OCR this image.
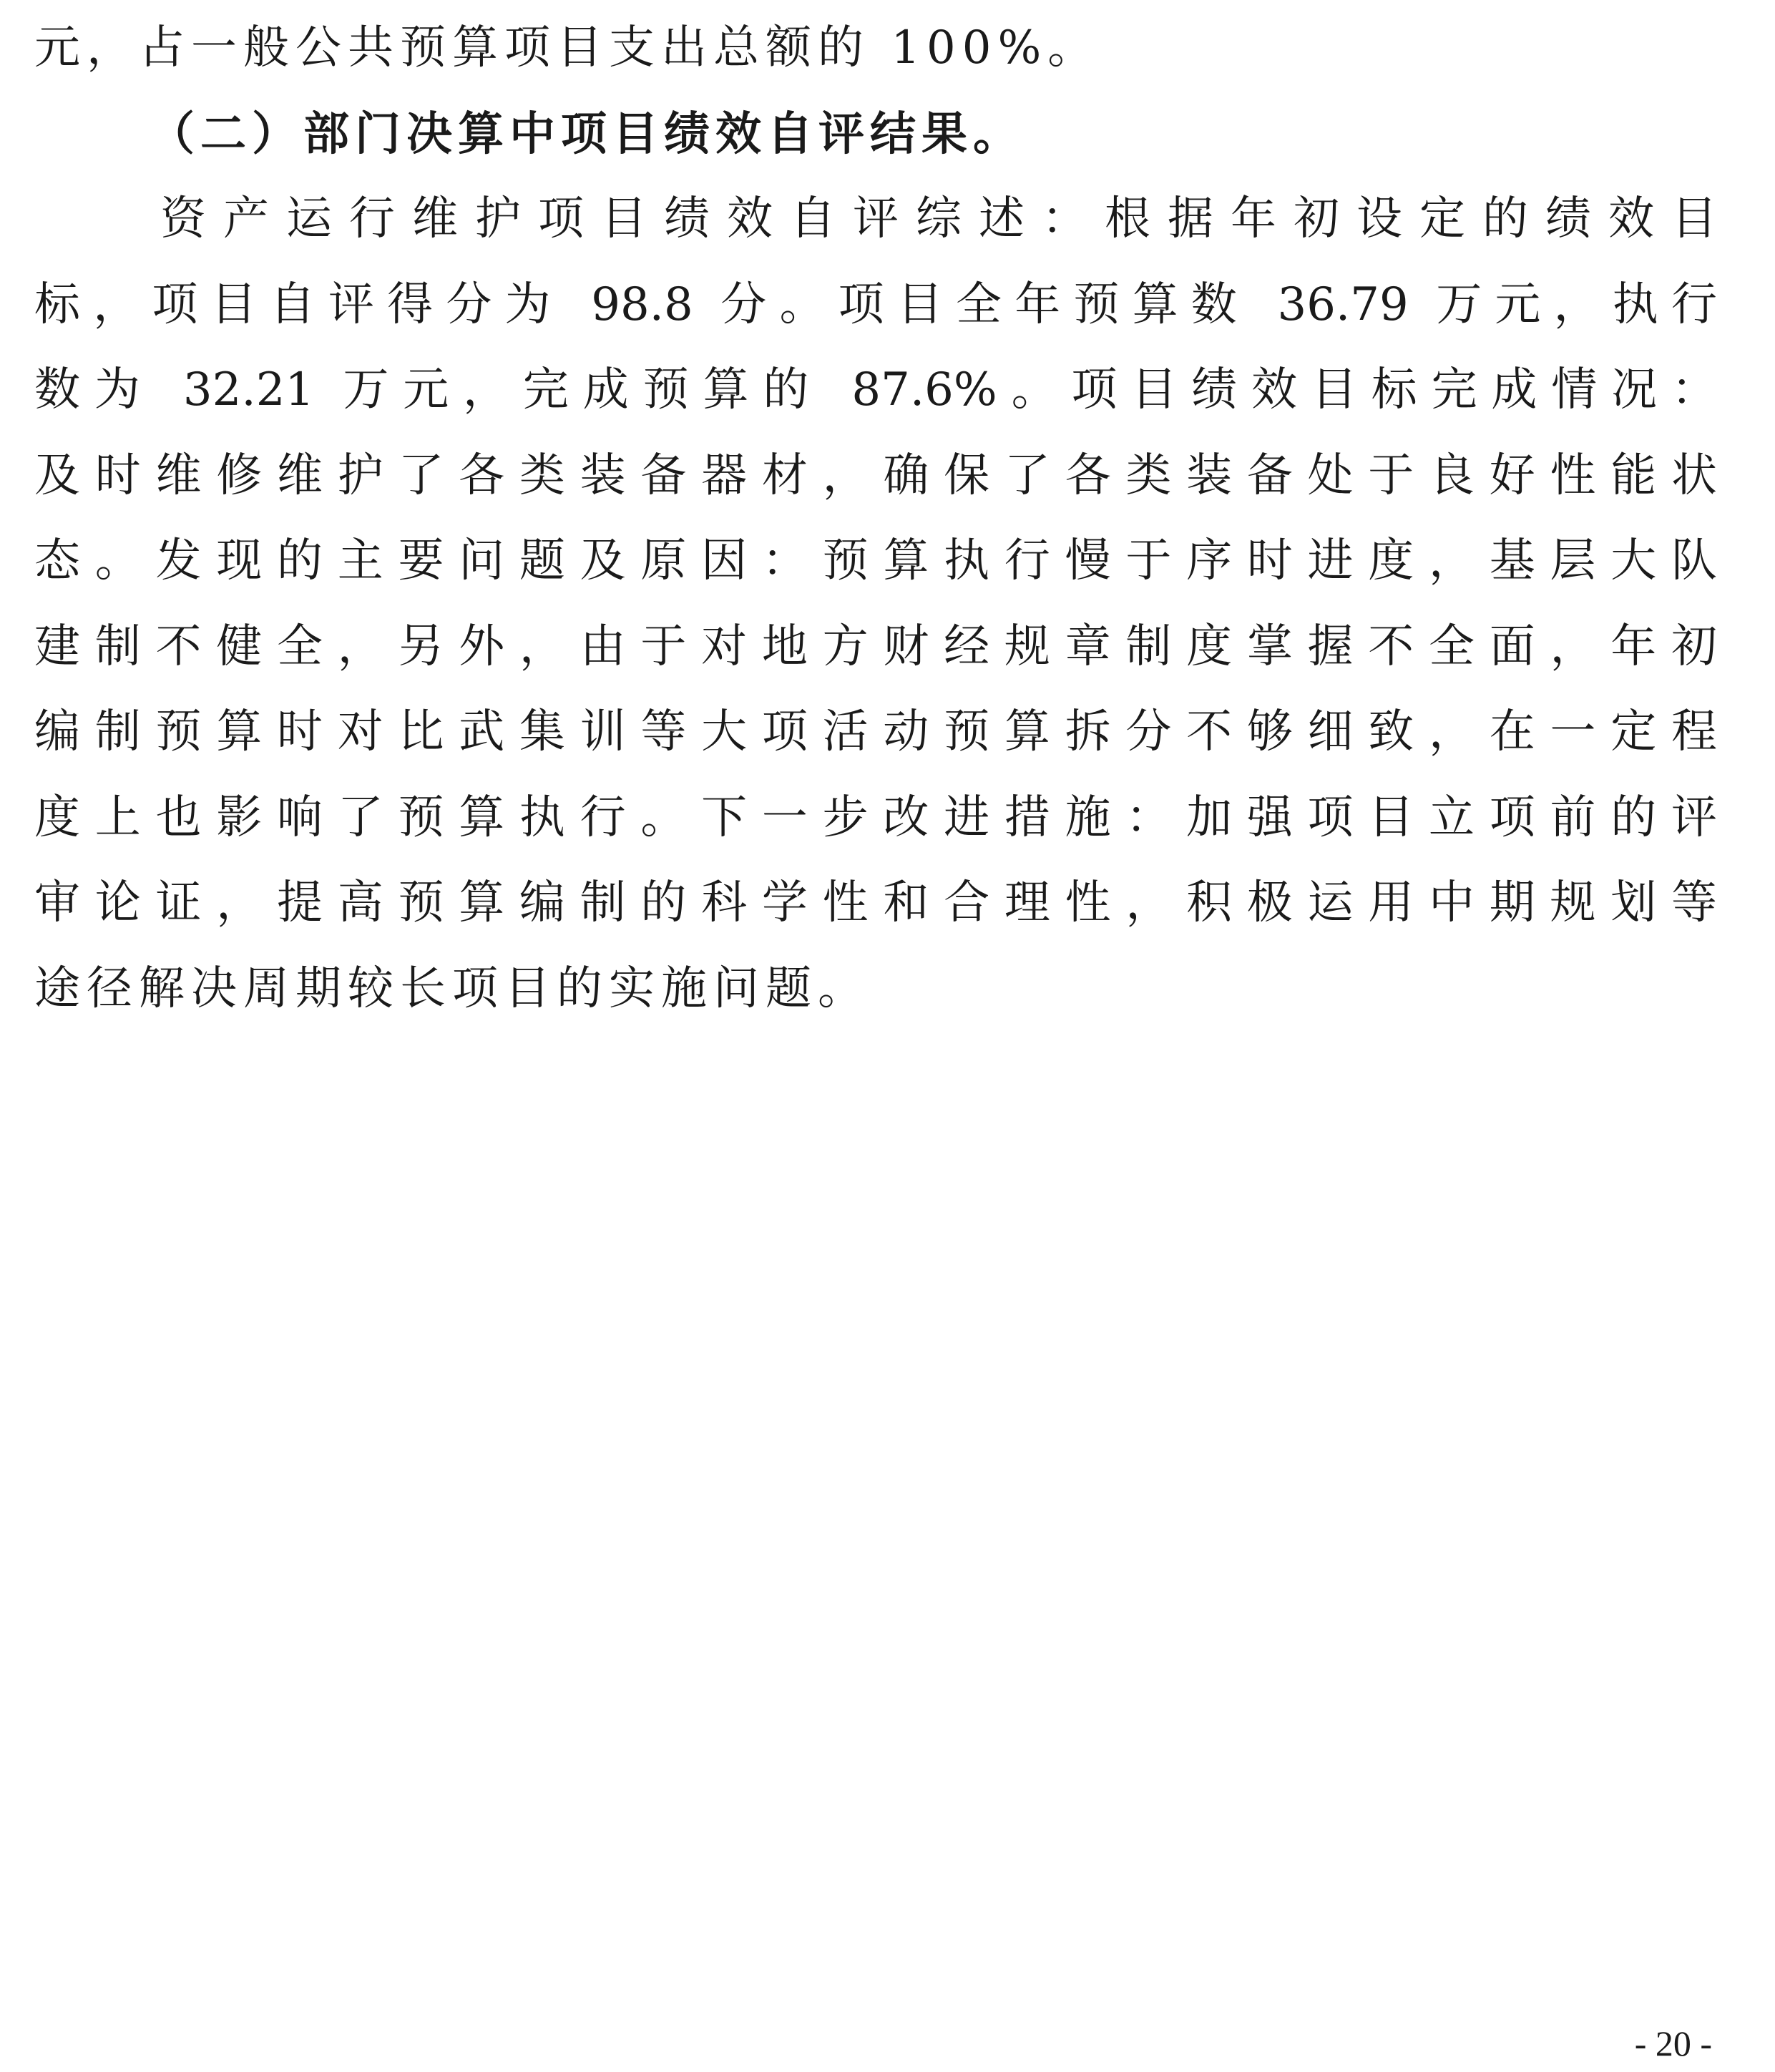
元，占一般公共预算项目支出总额的 100%。
（二）部门决算中项目绩效自评结果。
资产运行维护项目绩效自评综述：根据年初设定的绩效目
标，项目自评得分为 98.8 分。项目全年预算数 36.79 万元，执行
数为 32.21 万元，完成预算的 87.6%。项目绩效目标完成情况：
及时维修维护了各类装备器材，确保了各类装备处于良好性能状
态。发现的主要问题及原因：预算执行慢于序时进度，基层大队
建制不健全，另外，由于对地方财经规章制度掌握不全面，年初
编制预算时对比武集训等大项活动预算拆分不够细致，在一定程
度上也影响了预算执行。下一步改进措施：加强项目立项前的评
审论证，提高预算编制的科学性和合理性，积极运用中期规划等
途径解决周期较长项目的实施问题。
- 20 -
